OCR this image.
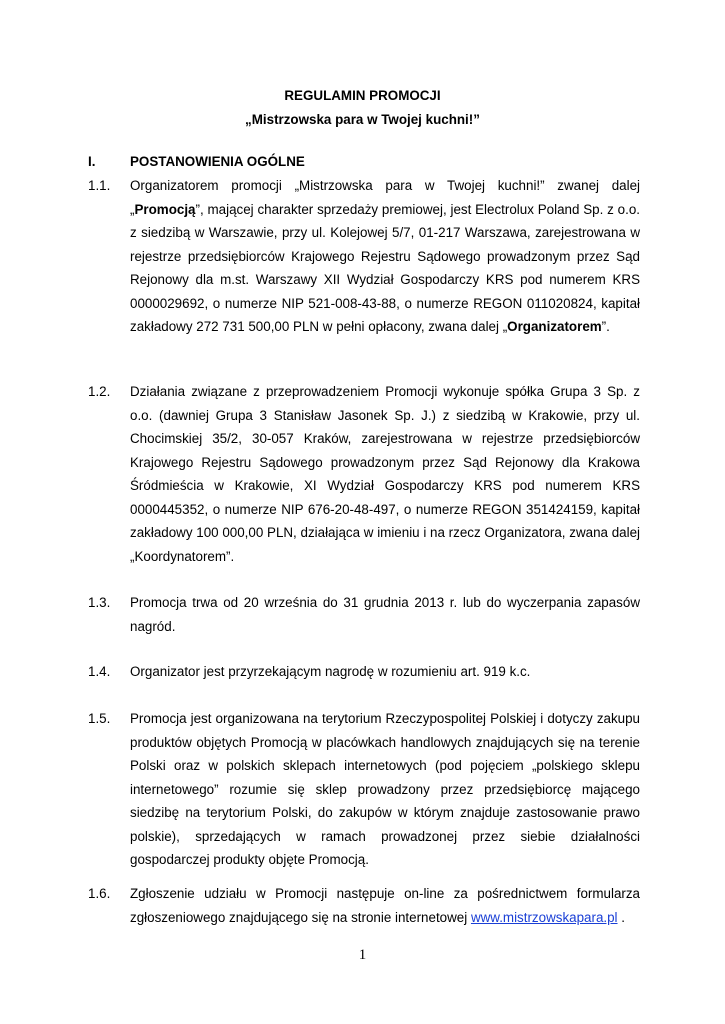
REGULAMIN PROMOCJI
„Mistrzowska para w Twojej kuchni!”
I.	POSTANOWIENIA OGÓLNE
1.1. Organizatorem promocji „Mistrzowska para w Twojej kuchni!” zwanej dalej „Promocją”, mającej charakter sprzedaży premiowej, jest Electrolux Poland Sp. z o.o. z siedzibą w Warszawie, przy ul. Kolejowej 5/7, 01-217 Warszawa, zarejestrowana w rejestrze przedsiębiorców Krajowego Rejestru Sądowego prowadzonym przez Sąd Rejonowy dla m.st. Warszawy XII Wydział Gospodarczy KRS pod numerem KRS 0000029692, o numerze NIP 521-008-43-88, o numerze REGON 011020824, kapitał zakładowy 272 731 500,00 PLN w pełni opłacony, zwana dalej „Organizatorem”.

1.2. Działania związane z przeprowadzeniem Promocji wykonuje spółka Grupa 3 Sp. z o.o. (dawniej Grupa 3 Stanisław Jasonek Sp. J.) z siedzibą w Krakowie, przy ul. Chocimskiej 35/2, 30-057 Kraków, zarejestrowana w rejestrze przedsiębiorców Krajowego Rejestru Sądowego prowadzonym przez Sąd Rejonowy dla Krakowa Śródmieścia w Krakowie, XI Wydział Gospodarczy KRS pod numerem KRS 0000445352, o numerze NIP 676-20-48-497, o numerze REGON 351424159, kapitał zakładowy 100 000,00 PLN, działająca w imieniu i na rzecz Organizatora, zwana dalej „Koordynatorem”.

1.3. Promocja trwa od 20 września do 31 grudnia 2013 r. lub do wyczerpania zapasów nagród.

1.4. Organizator jest przyrzekającym nagrodę w rozumieniu art. 919 k.c.

1.5. Promocja jest organizowana na terytorium Rzeczypospolitej Polskiej i dotyczy zakupu produktów objętych Promocją w placówkach handlowych znajdujących się na terenie Polski oraz w polskich sklepach internetowych (pod pojęciem „polskiego sklepu internetowego” rozumie się sklep prowadzony przez przedsiębiorcę mającego siedzibę na terytorium Polski, do zakupów w którym znajduje zastosowanie prawo polskie), sprzedających w ramach prowadzonej przez siebie działalności gospodarczej produkty objęte Promocją.

1.6. Zgłoszenie udziału w Promocji następuje on-line za pośrednictwem formularza zgłoszeniowego znajdującego się na stronie internetowej www.mistrzowskapara.pl .

1
